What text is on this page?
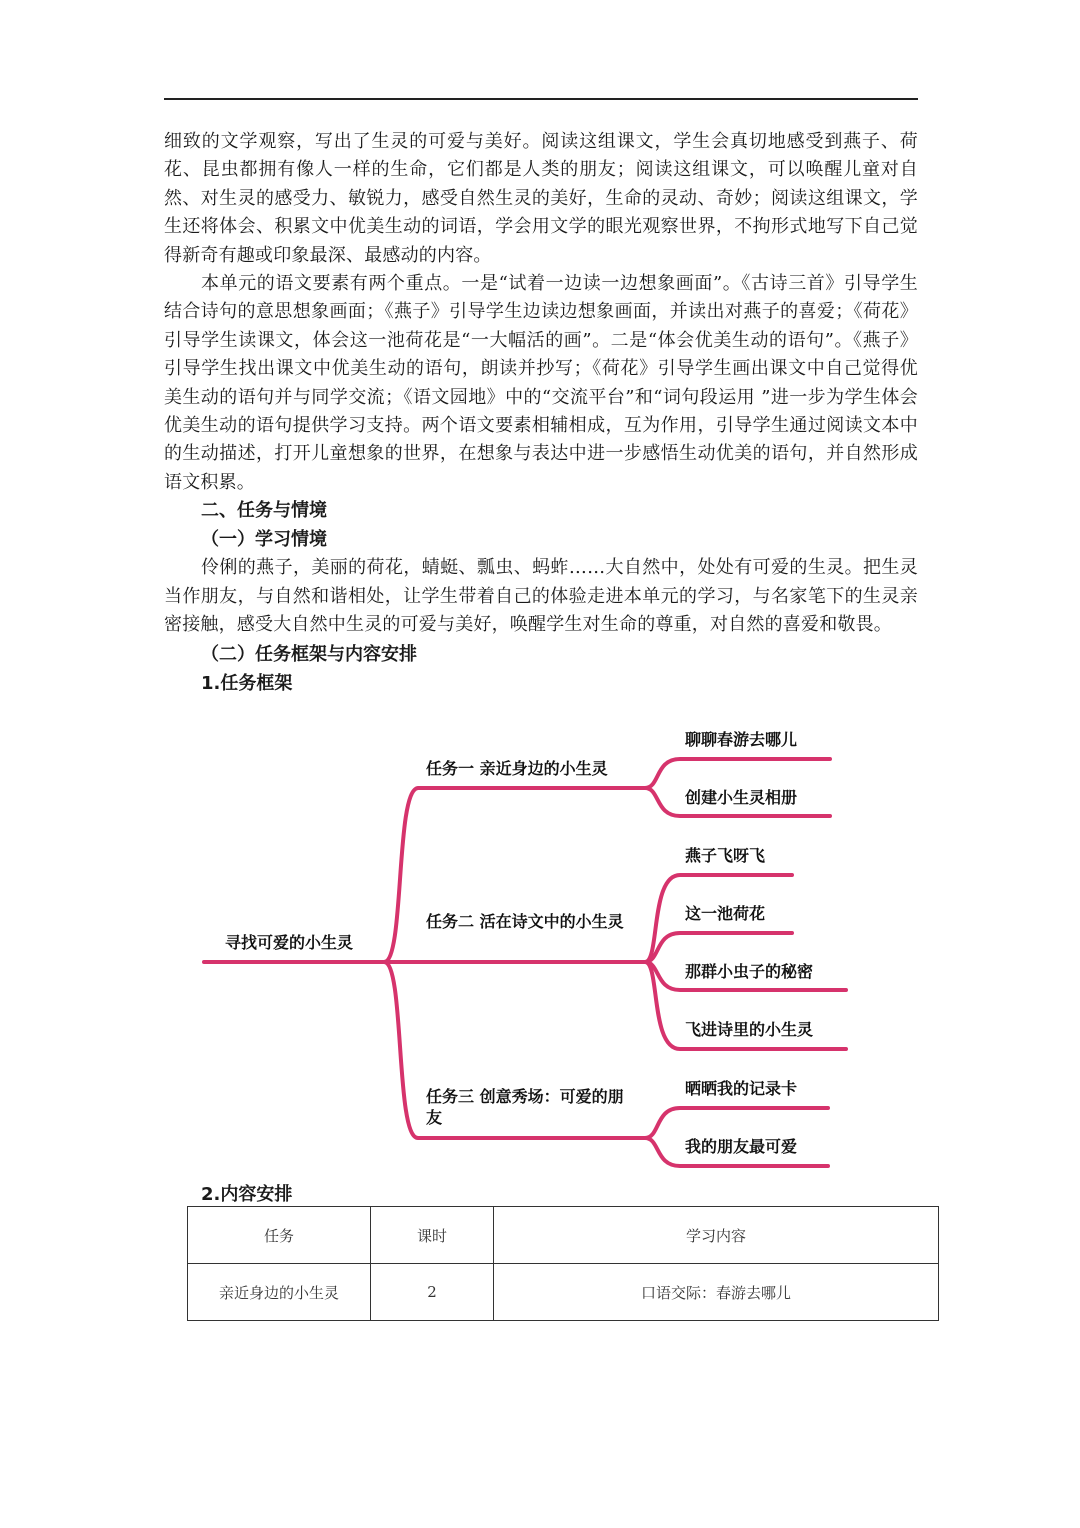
细致的文学观察，写出了生灵的可爱与美好。阅读这组课文，学生会真切地感受到燕子、荷花、昆虫都拥有像人一样的生命，它们都是人类的朋友；阅读这组课文，可以唤醒儿童对自然、对生灵的感受力、敏锐力，感受自然生灵的美好，生命的灵动、奇妙；阅读这组课文，学生还将体会、积累文中优美生动的词语，学会用文学的眼光观察世界，不拘形式地写下自己觉得新奇有趣或印象最深、最感动的内容。

本单元的语文要素有两个重点。一是“试着一边读一边想象画面”。《古诗三首》引导学生结合诗句的意思想象画面；《燕子》引导学生边读边想象画面，并读出对燕子的喜爱；《荷花》引导学生读课文，体会这一池荷花是“一大幅活的画”。二是“体会优美生动的语句”。《燕子》引导学生找出课文中优美生动的语句，朗读并抄写；《荷花》引导学生画出课文中自己觉得优美生动的语句并与同学交流；《语文园地》中的“交流平台”和“词句段运用 ”进一步为学生体会优美生动的语句提供学习支持。两个语文要素相辅相成，互为作用，引导学生通过阅读文本中的生动描述，打开儿童想象的世界，在想象与表达中进一步感悟生动优美的语句，并自然形成语文积累。

二、任务与情境

（一）学习情境

伶俐的燕子，美丽的荷花，蜻蜓、瓢虫、蚂蚱……大自然中，处处有可爱的生灵。把生灵当作朋友，与自然和谐相处，让学生带着自己的体验走进本单元的学习，与名家笔下的生灵亲密接触，感受大自然中生灵的可爱与美好，唤醒学生对生命的尊重，对自然的喜爱和敬畏。

（二）任务框架与内容安排

1.任务框架

寻找可爱的小生灵
任务一 亲近身边的小生灵
任务二 活在诗文中的小生灵
任务三 创意秀场：可爱的朋友
聊聊春游去哪儿
创建小生灵相册
燕子飞呀飞
这一池荷花
那群小虫子的秘密
飞进诗里的小生灵
晒晒我的记录卡
我的朋友最可爱
2.内容安排
任务	课时	学习内容
亲近身边的小生灵	2	口语交际：春游去哪儿
